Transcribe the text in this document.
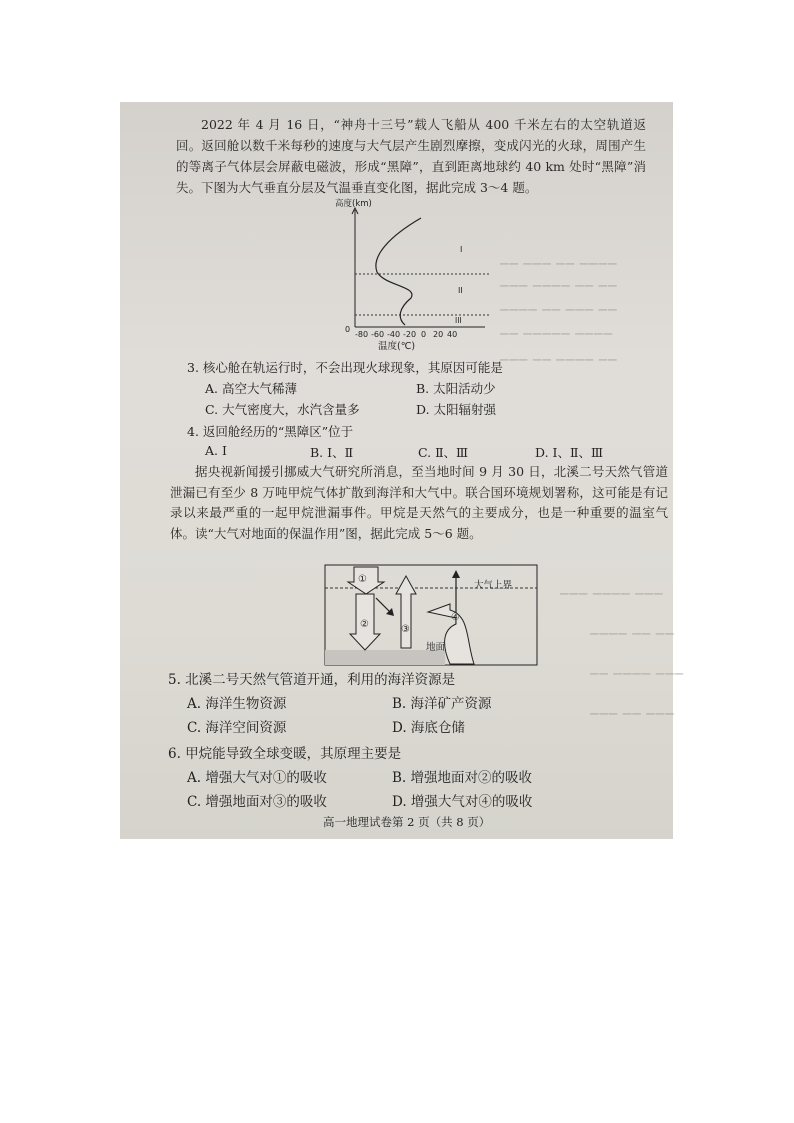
▁▁ ▁▁▁ ▁▁ ▁▁▁▁
▁▁▁ ▁▁▁▁ ▁▁ ▁▁
▁▁▁▁ ▁▁ ▁▁▁ ▁▁
▁▁ ▁▁▁▁▁ ▁▁▁▁
▁▁▁ ▁▁ ▁▁▁▁ ▁▁
▁▁▁ ▁▁▁▁ ▁▁▁
▁▁▁▁ ▁▁ ▁▁
▁▁ ▁▁▁▁ ▁▁▁
▁▁▁ ▁▁ ▁▁▁
2022 年 4 月 16 日，“神舟十三号”载人飞船从 400 千米左右的太空轨道返回。返回舱以数千米每秒的速度与大气层产生剧烈摩擦，变成闪光的火球，周围产生的等离子气体层会屏蔽电磁波，形成“黑障”，直到距离地球约 40 km 处时“黑障”消失。下图为大气垂直分层及气温垂直变化图，据此完成 3～4 题。
高度(km)
I
II
III
0
-80 -60 -40 -20 0 20 40
温度(℃)
3. 核心舱在轨运行时，不会出现火球现象，其原因可能是
A. 高空大气稀薄	B. 太阳活动少
C. 大气密度大，水汽含量多	D. 太阳辐射强
4. 返回舱经历的“黑障区”位于
A. Ⅰ	B. Ⅰ、Ⅱ	C. Ⅱ、Ⅲ	D. Ⅰ、Ⅱ、Ⅲ
据央视新闻援引挪威大气研究所消息，至当地时间 9 月 30 日，北溪二号天然气管道泄漏已有至少 8 万吨甲烷气体扩散到海洋和大气中。联合国环境规划署称，这可能是有记录以来最严重的一起甲烷泄漏事件。甲烷是天然气的主要成分，也是一种重要的温室气体。读“大气对地面的保温作用”图，据此完成 5～6 题。
①
②	③
④
大气上界
地面
5. 北溪二号天然气管道开通，利用的海洋资源是
A. 海洋生物资源	B. 海洋矿产资源
C. 海洋空间资源	D. 海底仓储
6. 甲烷能导致全球变暖，其原理主要是
A. 增强大气对①的吸收	B. 增强地面对②的吸收
C. 增强地面对③的吸收	D. 增强大气对④的吸收
高一地理试卷第 2 页（共 8 页）
